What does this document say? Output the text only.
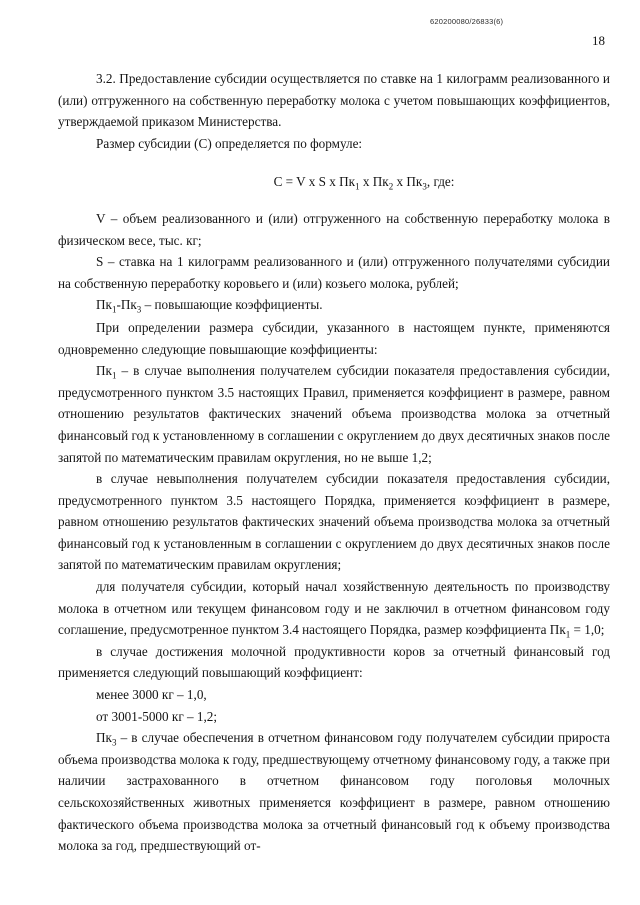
620200080/26833(6)
18

3.2. Предоставление субсидии осуществляется по ставке на 1 килограмм реализованного и (или) отгруженного на собственную переработку молока с учетом повышающих коэффициентов, утверждаемой приказом Министерства.

Размер субсидии (C) определяется по формуле:

C = V x S x $Пк_1$ x $Пк_2$ x $Пк_3$, где:

V – объем реализованного и (или) отгруженного на собственную переработку молока в физическом весе, тыс. кг;

S – ставка на 1 килограмм реализованного и (или) отгруженного получателями субсидии на собственную переработку коровьего и (или) козьего молока, рублей;

$Пк_1-Пк_3$ – повышающие коэффициенты.

При определении размера субсидии, указанного в настоящем пункте, применяются одновременно следующие повышающие коэффициенты:

$Пк_1$ – в случае выполнения получателем субсидии показателя предоставления субсидии, предусмотренного пунктом 3.5 настоящих Правил, применяется коэффициент в размере, равном отношению результатов фактических значений объема производства молока за отчетный финансовый год к установленному в соглашении с округлением до двух десятичных знаков после запятой по математическим правилам округления, но не выше 1,2;

в случае невыполнения получателем субсидии показателя предоставления субсидии, предусмотренного пунктом 3.5 настоящего Порядка, применяется коэффициент в размере, равном отношению результатов фактических значений объема производства молока за отчетный финансовый год к установленным в соглашении с округлением до двух десятичных знаков после запятой по математическим правилам округления;

для получателя субсидии, который начал хозяйственную деятельность по производству молока в отчетном или текущем финансовом году и не заключил в отчетном финансовом году соглашение, предусмотренное пунктом 3.4 настоящего Порядка, размер коэффициента $Пк_1 = 1,0$;

в случае достижения молочной продуктивности коров за отчетный финансовый год применяется следующий повышающий коэффициент:

менее 3000 кг – 1,0,

от 3001-5000 кг – 1,2;

$Пк_3$ – в случае обеспечения в отчетном финансовом году получателем субсидии прироста объема производства молока к году, предшествующему отчетному финансовому году, а также при наличии застрахованного в отчетном финансовом году поголовья молочных сельскохозяйственных животных применяется коэффициент в размере, равном отношению фактического объема производства молока за отчетный финансовый год к объему производства молока за год, предшествующий от-
